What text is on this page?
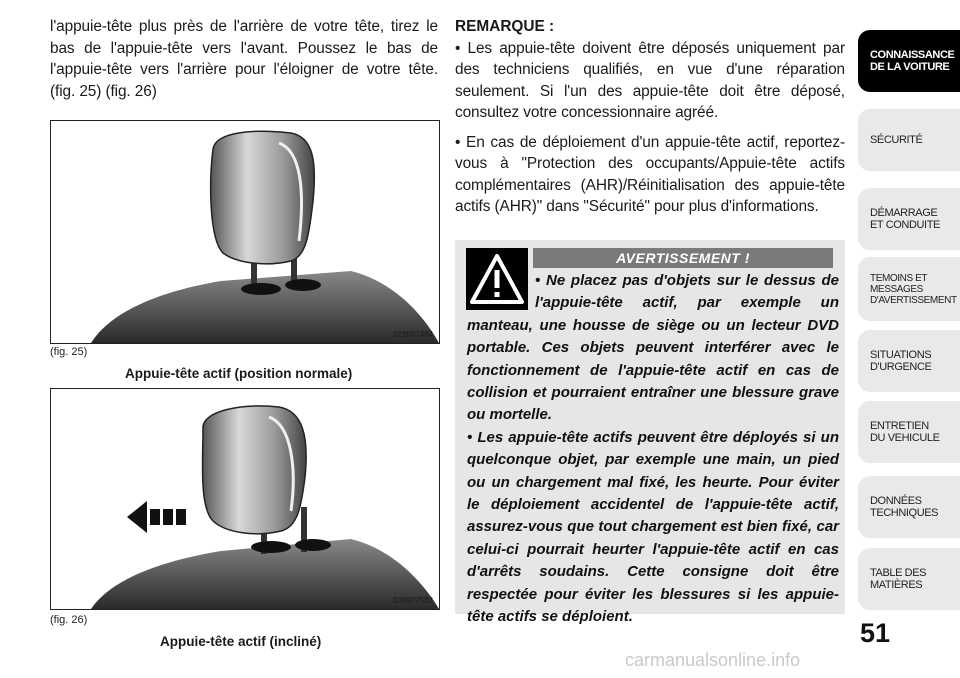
l'appuie-tête plus près de l'arrière de votre tête, tirez le bas de l'appuie-tête vers l'avant. Poussez le bas de l'appuie-tête vers l'arrière pour l'éloigner de votre tête. (fig. 25) (fig. 26)

022607494
(fig. 25)
Appuie-tête actif (position normale)
030907533
(fig. 26)
Appuie-tête actif (incliné)

REMARQUE :

• Les appuie-tête doivent être déposés uniquement par des techniciens qualifiés, en vue d'une réparation seulement. Si l'un des appuie-tête doit être déposé, consultez votre concessionnaire agréé.

• En cas de déploiement d'un appuie-tête actif, reportez-vous à "Protection des occupants/Appuie-tête actifs complémentaires (AHR)/Réinitialisation des appuie-tête actifs (AHR)" dans "Sécurité" pour plus d'informations.

AVERTISSEMENT !

• Ne placez pas d'objets sur le dessus de l'appuie-tête actif, par exemple un manteau, une housse de siège ou un lecteur DVD portable. Ces objets peuvent interférer avec le fonctionnement de l'appuie-tête actif en cas de collision et pourraient entraîner une blessure grave ou mortelle.

• Les appuie-tête actifs peuvent être déployés si un quelconque objet, par exemple une main, un pied ou un chargement mal fixé, les heurte. Pour éviter le déploiement accidentel de l'appuie-tête actif, assurez-vous que tout chargement est bien fixé, car celui-ci pourrait heurter l'appuie-tête actif en cas d'arrêts soudains. Cette consigne doit être respectée pour éviter les blessures si les appuie-tête actifs se déploient.

CONNAISSANCE
DE LA VOITURE
SÉCURITÉ
DÉMARRAGE
ET CONDUITE
TEMOINS ET
MESSAGES
D'AVERTISSEMENT
SITUATIONS
D'URGENCE
ENTRETIEN
DU VEHICULE
DONNÉES
TECHNIQUES
TABLE DES
MATIÈRES
51
carmanualsonline.info
